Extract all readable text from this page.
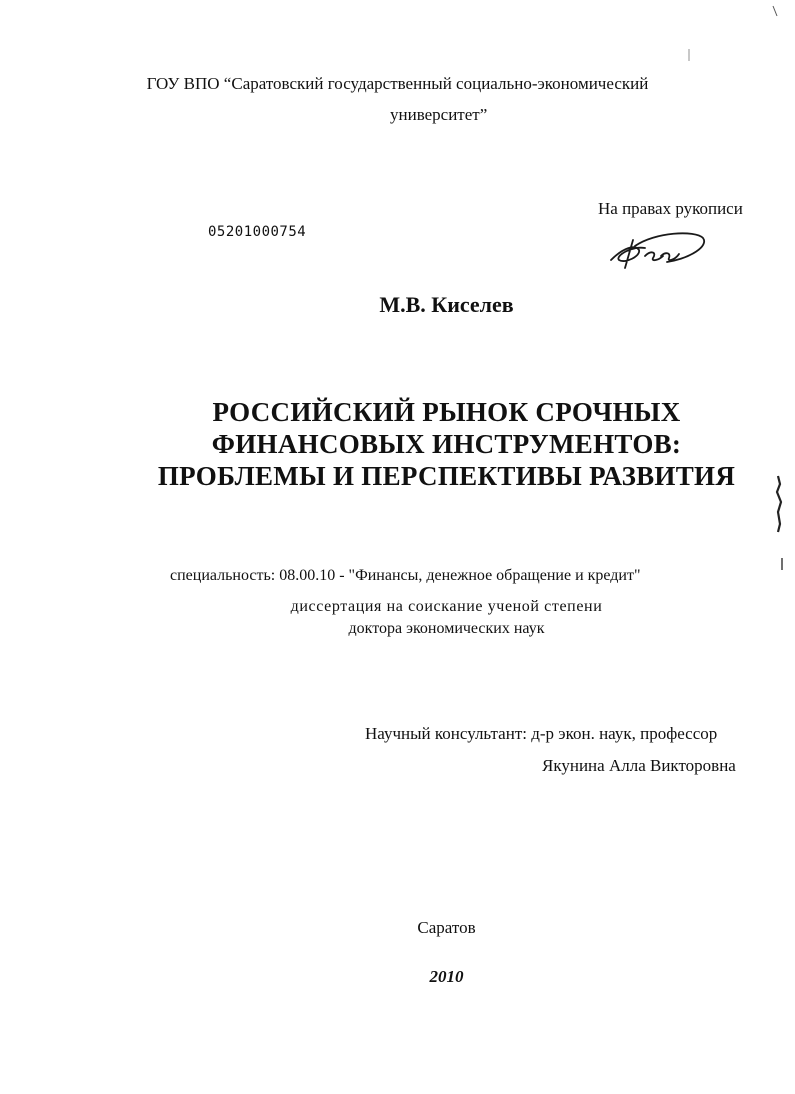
ГОУ ВПО “Саратовский государственный социально-экономический
университет”
На правах рукописи
05201000754
М.В. Киселев
РОССИЙСКИЙ РЫНОК СРОЧНЫХ
ФИНАНСОВЫХ ИНСТРУМЕНТОВ:
ПРОБЛЕМЫ И ПЕРСПЕКТИВЫ РАЗВИТИЯ
специальность: 08.00.10 - "Финансы, денежное обращение и кредит"
диссертация на соискание ученой степени
доктора экономических наук
Научный консультант: д-р экон. наук, профессор
Якунина Алла Викторовна
Саратов
2010
